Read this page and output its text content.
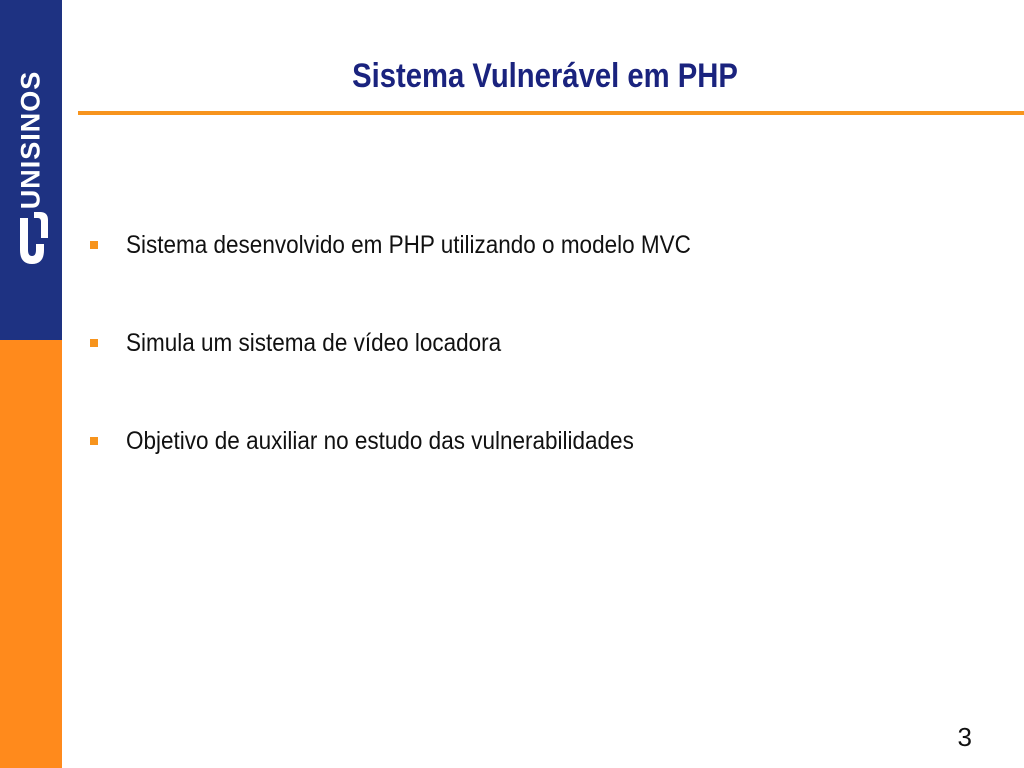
UNISINOS	Sistema Vulnerável em PHP
Sistema desenvolvido em PHP utilizando o modelo MVC
Simula um sistema de vídeo locadora
Objetivo de auxiliar no estudo das vulnerabilidades
3
